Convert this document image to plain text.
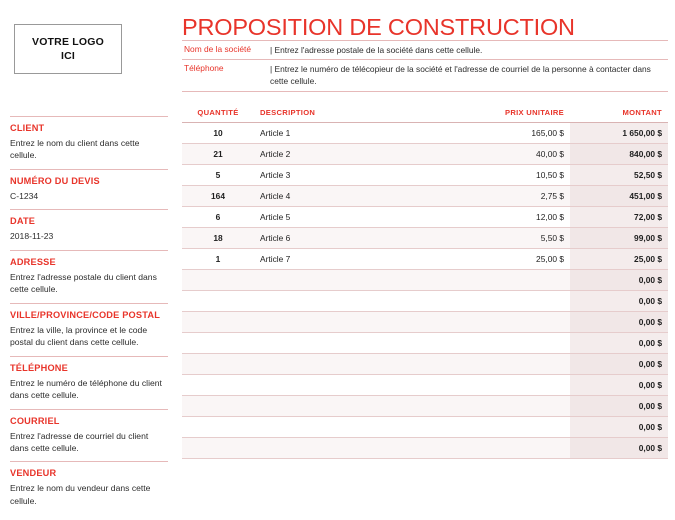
VOTRE LOGO
ICI
CLIENT
Entrez le nom du client dans cette cellule.
NUMÉRO DU DEVIS
C-1234
DATE
2018-11-23
ADRESSE
Entrez l'adresse postale du client dans cette cellule.
VILLE/PROVINCE/CODE POSTAL
Entrez la ville, la province et le code postal du client dans cette cellule.
TÉLÉPHONE
Entrez le numéro de téléphone du client dans cette cellule.
COURRIEL
Entrez l'adresse de courriel du client dans cette cellule.
VENDEUR
Entrez le nom du vendeur dans cette cellule.
PROPOSITION DE CONSTRUCTION
Nom de la société	| Entrez l'adresse postale de la société dans cette cellule.
Téléphone	| Entrez le numéro de télécopieur de la société et l'adresse de courriel de la personne à contacter dans cette cellule.
QUANTITÉ	DESCRIPTION	PRIX UNITAIRE	MONTANT
10	Article 1	165,00 $	1 650,00 $
21	Article 2	40,00 $	840,00 $
5	Article 3	10,50 $	52,50 $
164	Article 4	2,75 $	451,00 $
6	Article 5	12,00 $	72,00 $
18	Article 6	5,50 $	99,00 $
1	Article 7	25,00 $	25,00 $
			0,00 $
			0,00 $
			0,00 $
			0,00 $
			0,00 $
			0,00 $
			0,00 $
			0,00 $
			0,00 $
